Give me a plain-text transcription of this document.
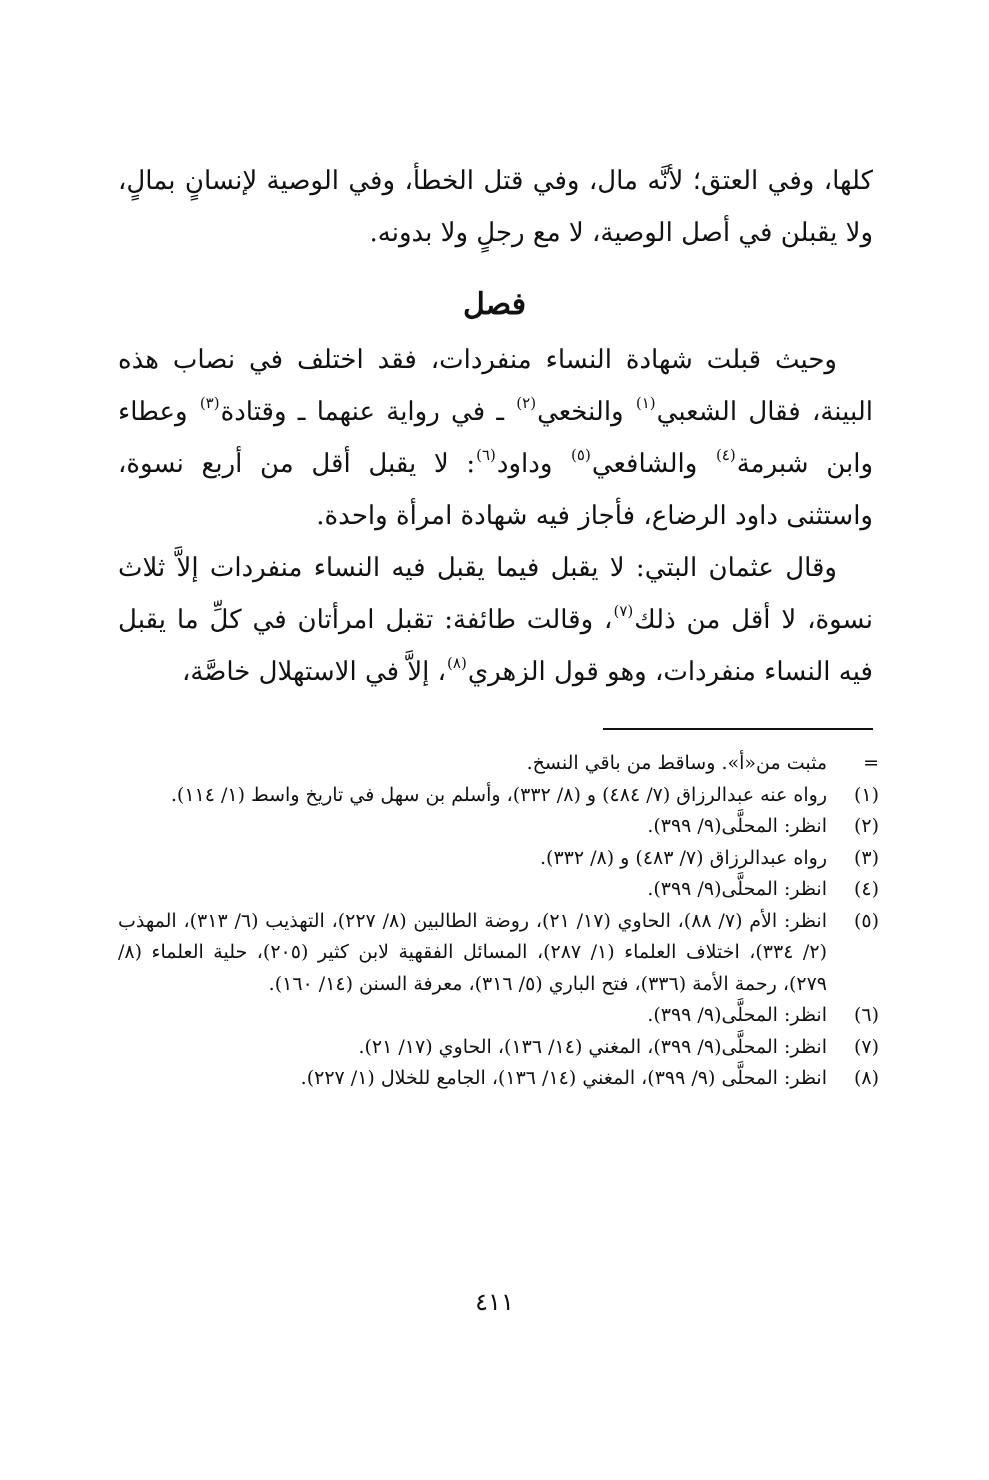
كلها، وفي العتق؛ لأنَّه مال، وفي قتل الخطأ، وفي الوصية لإنسانٍ بمالٍ، ولا يقبلن في أصل الوصية، لا مع رجلٍ ولا بدونه.

فصل

وحيث قبلت شهادة النساء منفردات، فقد اختلف في نصاب هذه البينة، فقال الشعبي$^{(١)}$ والنخعي$^{(٢)}$ ـ في رواية عنهما ـ وقتادة$^{(٣)}$ وعطاء وابن شبرمة$^{(٤)}$ والشافعي$^{(٥)}$ وداود$^{(٦)}$: لا يقبل أقل من أربع نسوة، واستثنى داود الرضاع، فأجاز فيه شهادة امرأة واحدة.

وقال عثمان البتي: لا يقبل فيما يقبل فيه النساء منفردات إلاَّ ثلاث نسوة، لا أقل من ذلك$^{(٧)}$، وقالت طائفة: تقبل امرأتان في كلِّ ما يقبل فيه النساء منفردات، وهو قول الزهري$^{(٨)}$، إلاَّ في الاستهلال خاصَّة،

=
مثبت من«أ». وساقط من باقي النسخ.
(١)
رواه عنه عبدالرزاق (٧/ ٤٨٤) و (٨/ ٣٣٢)، وأسلم بن سهل في تاريخ واسط (١/ ١١٤).
(٢)
انظر: المحلَّى(٩/ ٣٩٩).
(٣)
رواه عبدالرزاق (٧/ ٤٨٣) و (٨/ ٣٣٢).
(٤)
انظر: المحلَّى(٩/ ٣٩٩).
(٥)
انظر: الأم (٧/ ٨٨)، الحاوي (١٧/ ٢١)، روضة الطالبين (٨/ ٢٢٧)، التهذيب (٦/ ٣١٣)، المهذب (٢/ ٣٣٤)، اختلاف العلماء (١/ ٢٨٧)، المسائل الفقهية لابن كثير (٢٠٥)، حلية العلماء (٨/ ٢٧٩)، رحمة الأمة (٣٣٦)، فتح الباري (٥/ ٣١٦)، معرفة السنن (١٤/ ١٦٠).
(٦)
انظر: المحلَّى(٩/ ٣٩٩).
(٧)
انظر: المحلَّى(٩/ ٣٩٩)، المغني (١٤/ ١٣٦)، الحاوي (١٧/ ٢١).
(٨)
انظر: المحلَّى (٩/ ٣٩٩)، المغني (١٤/ ١٣٦)، الجامع للخلال (١/ ٢٢٧).
٤١١
